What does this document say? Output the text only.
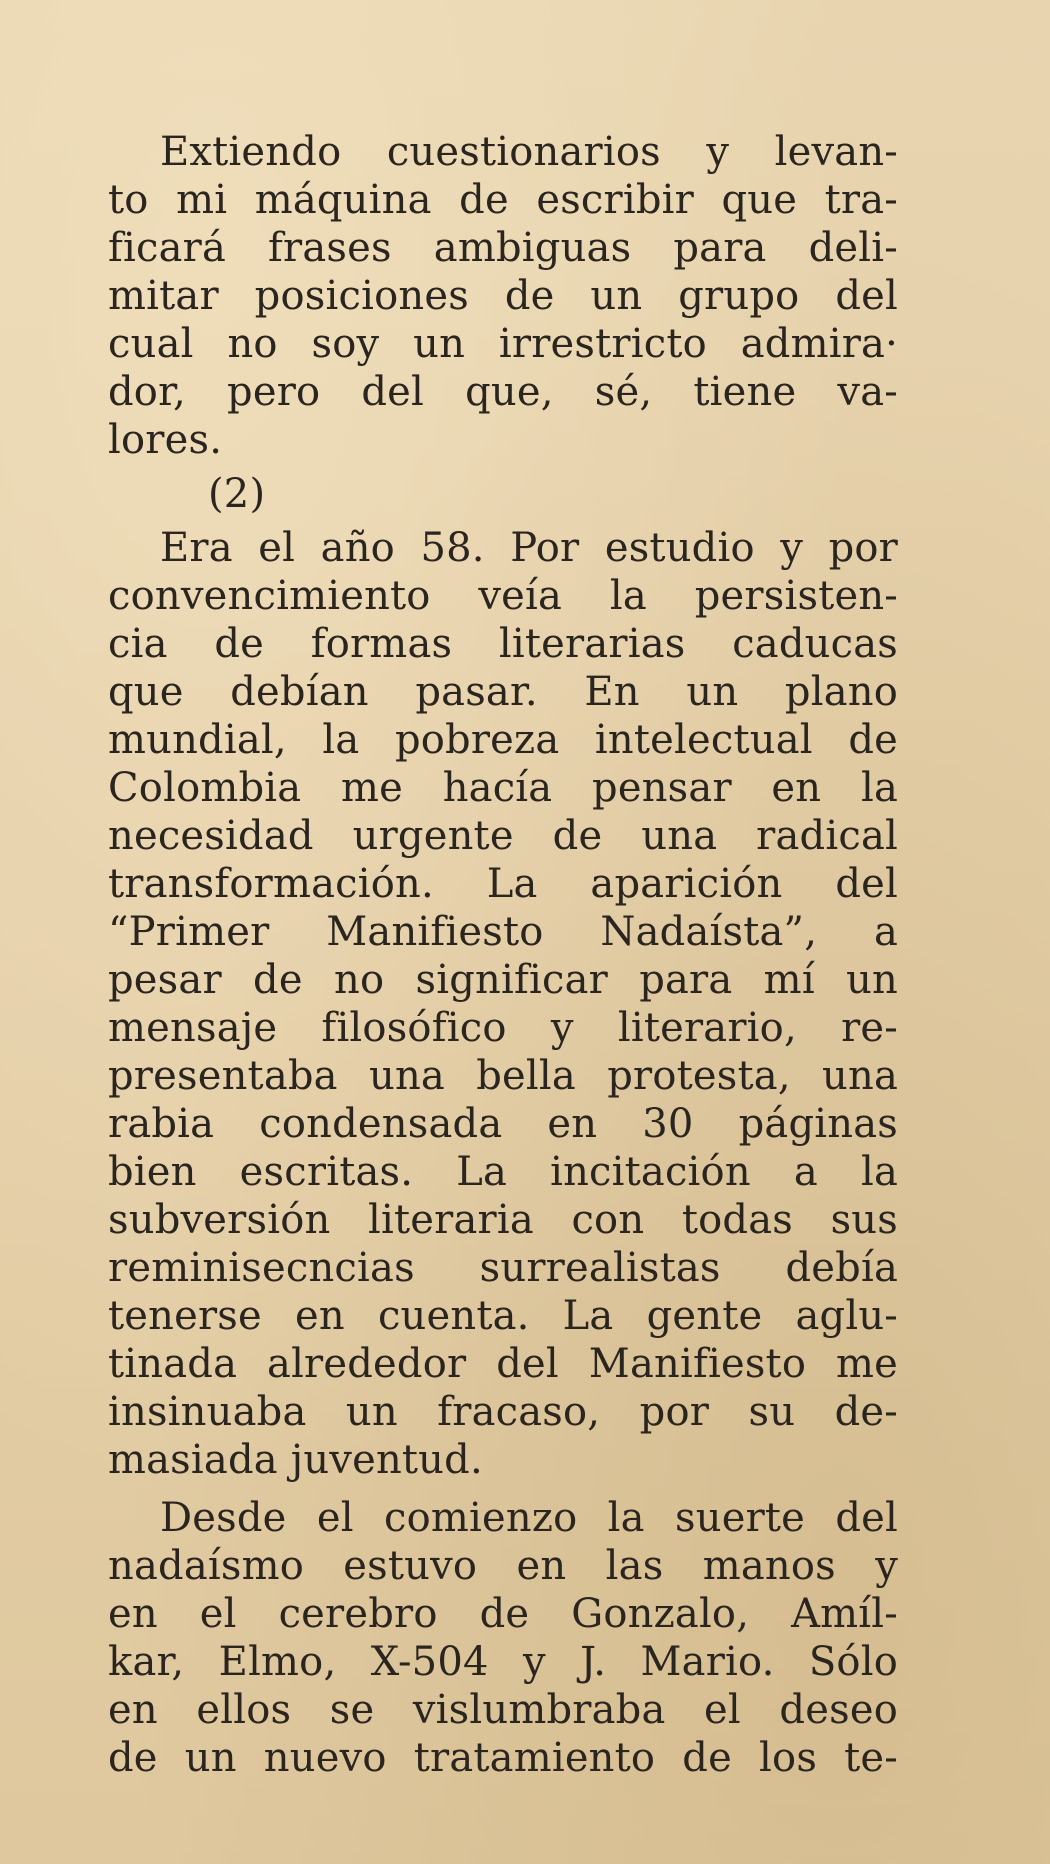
Extiendo cuestionarios y levan-
to mi máquina de escribir que tra-
ficará frases ambiguas para deli-
mitar posiciones de un grupo del
cual no soy un irrestricto admira·
dor, pero del que, sé, tiene va-
lores.
(2)
Era el año 58. Por estudio y por
convencimiento veía la persisten-
cia de formas literarias caducas
que debían pasar. En un plano
mundial, la pobreza intelectual de
Colombia me hacía pensar en la
necesidad urgente de una radical
transformación. La aparición del
“Primer Manifiesto Nadaísta”, a
pesar de no significar para mí un
mensaje filosófico y literario, re-
presentaba una bella protesta, una
rabia condensada en 30 páginas
bien escritas. La incitación a la
subversión literaria con todas sus
reminisecncias surrealistas debía
tenerse en cuenta. La gente aglu-
tinada alrededor del Manifiesto me
insinuaba un fracaso, por su de-
masiada juventud.
Desde el comienzo la suerte del
nadaísmo estuvo en las manos y
en el cerebro de Gonzalo, Amíl-
kar, Elmo, X-504 y J. Mario. Sólo
en ellos se vislumbraba el deseo
de un nuevo tratamiento de los te-
